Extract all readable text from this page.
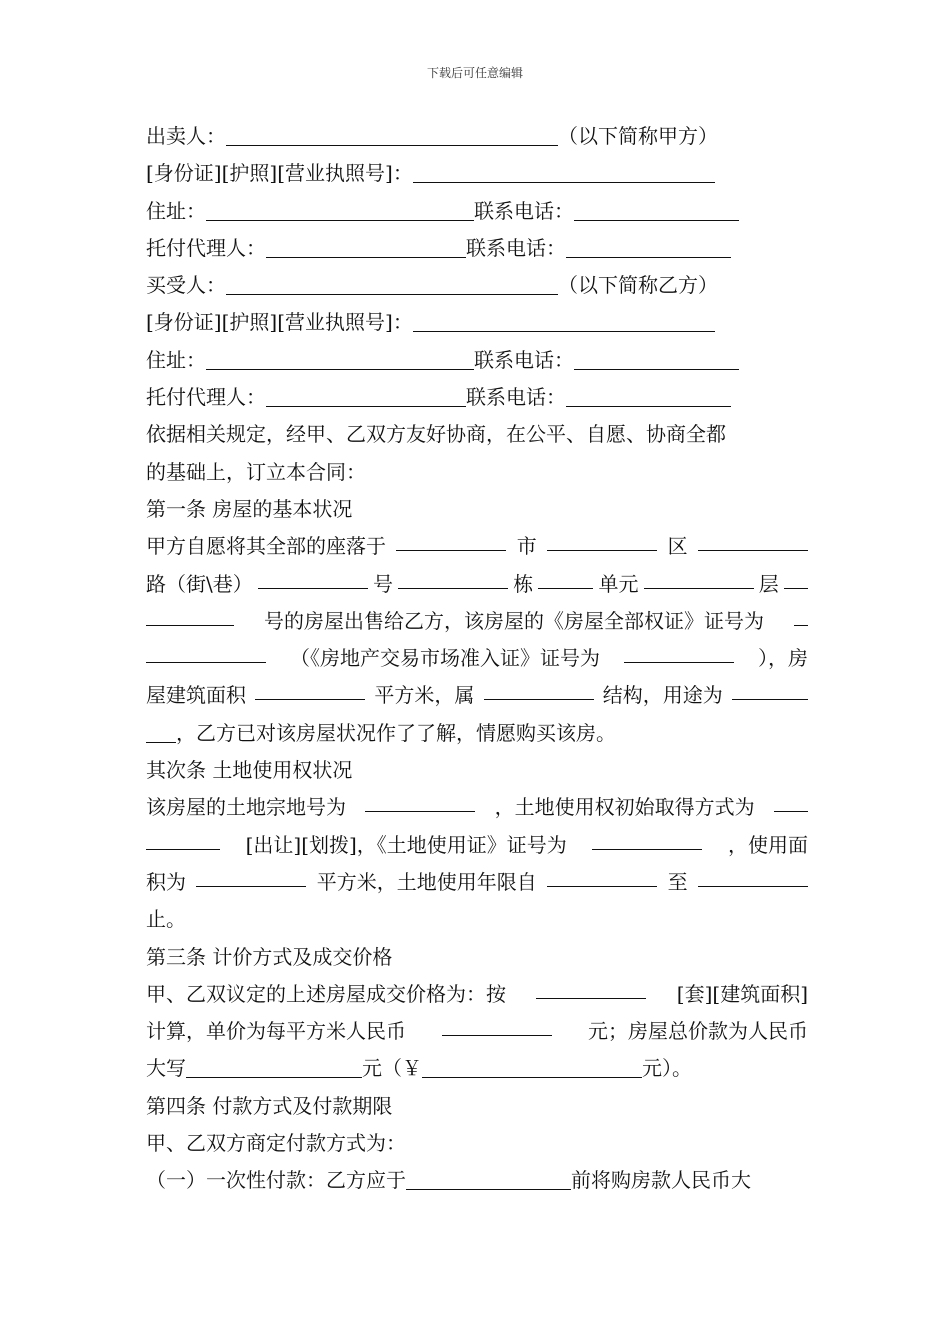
下载后可任意编辑
出卖人：	（以下简称甲方）
[身份证][护照][营业执照号]：
住址：	联系电话：
托付代理人：	联系电话：
买受人：	（以下简称乙方）
[身份证][护照][营业执照号]：
住址：	联系电话：
托付代理人：	联系电话：
依据相关规定，经甲、乙双方友好协商，在公平、自愿、协商全都
的基础上，订立本合同：
第一条 房屋的基本状况
甲方自愿将其全部的座落于	市	区
路（街\巷）	号	栋	单元	层
号的房屋出售给乙方，该房屋的《房屋全部权证》证号为
（《房地产交易市场准入证》证号为	），房
屋建筑面积	平方米，属	结构，用途为
，乙方已对该房屋状况作了了解，情愿购买该房。
其次条 土地使用权状况
该房屋的土地宗地号为	，土地使用权初始取得方式为
[出让][划拨]，《土地使用证》证号为	，使用面
积为	平方米，土地使用年限自	至
止。
第三条 计价方式及成交价格
甲、乙双议定的上述房屋成交价格为：按	[套][建筑面积]
计算，单价为每平方米人民币	元；房屋总价款为人民币
大写	元（￥	元）。
第四条 付款方式及付款期限
甲、乙双方商定付款方式为：
（一）一次性付款：乙方应于	前将购房款人民币大
